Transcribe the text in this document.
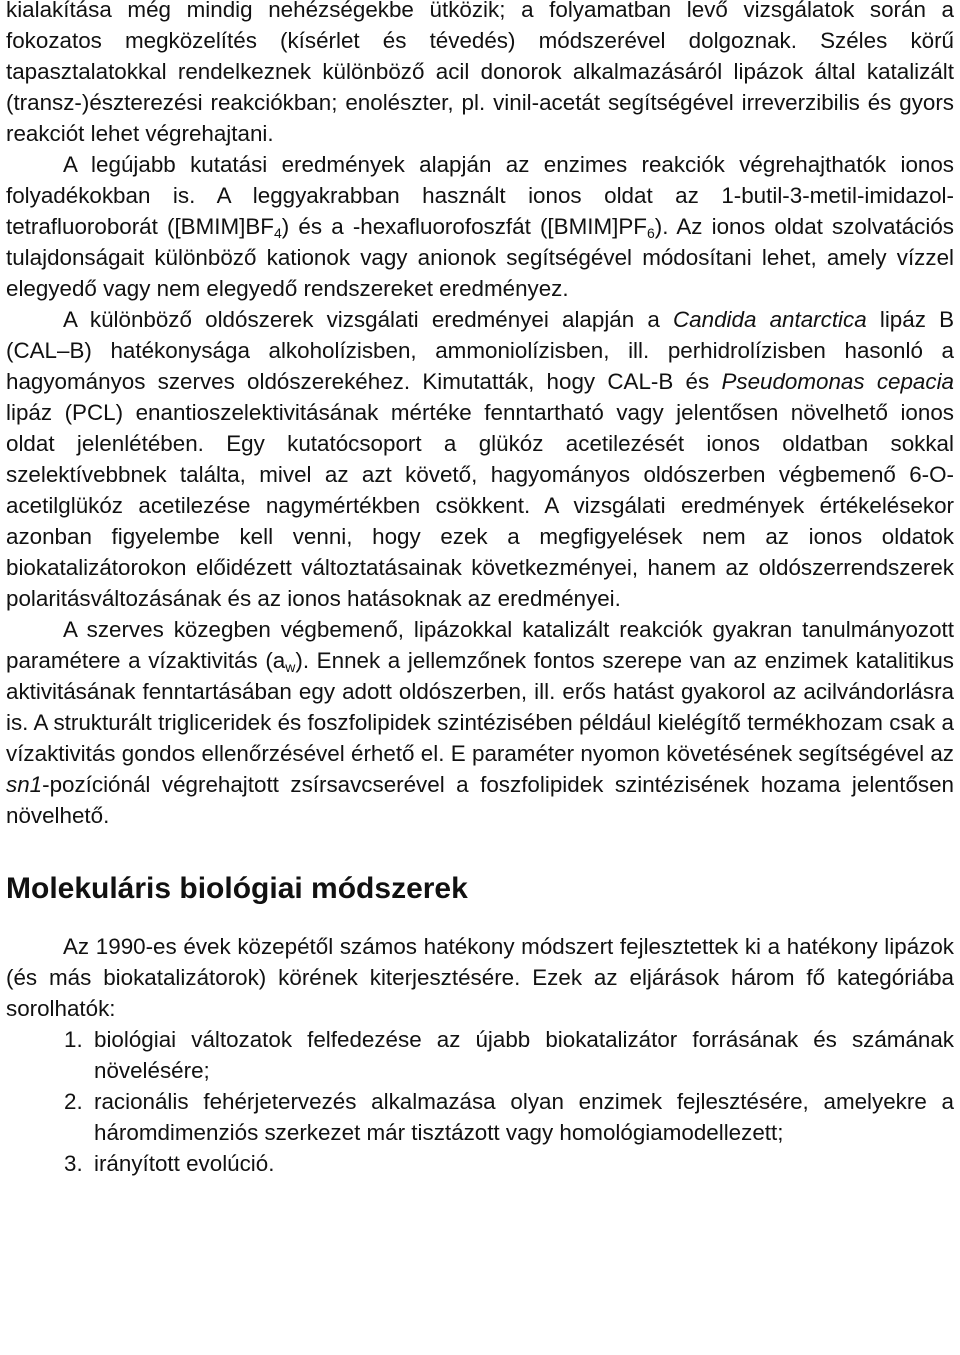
kialakítása még mindig nehézségekbe ütközik; a folyamatban levő vizsgálatok során a fokozatos megközelítés (kísérlet és tévedés) módszerével dolgoznak. Széles körű tapasztalatokkal rendelkeznek különböző acil donorok alkalmazásáról lipázok által katalizált (transz-)észterezési reakciókban; enolészter, pl. vinil-acetát segítségével irreverzibilis és gyors reakciót lehet végrehajtani.

A legújabb kutatási eredmények alapján az enzimes reakciók végrehajthatók ionos folyadékokban is. A leggyakrabban használt ionos oldat az 1-butil-3-metil-imidazol-tetrafluoroborát $([BMIM]BF_4)$ és a -hexafluorofoszfát $([BMIM]PF_6)$. Az ionos oldat szolvatációs tulajdonságait különböző kationok vagy anionok segítségével módosítani lehet, amely vízzel elegyedő vagy nem elegyedő rendszereket eredményez.

A különböző oldószerek vizsgálati eredményei alapján a Candida antarctica lipáz B (CAL–B) hatékonysága alkoholízisben, ammoniolízisben, ill. perhidrolízisben hasonló a hagyományos szerves oldószerekéhez. Kimutatták, hogy CAL-B és Pseudomonas cepacia lipáz (PCL) enantioszelektivitásának mértéke fenntartható vagy jelentősen növelhető ionos oldat jelenlétében. Egy kutatócsoport a glükóz acetilezését ionos oldatban sokkal szelektívebbnek találta, mivel az azt követő, hagyományos oldószerben végbemenő 6-O-acetilglükóz acetilezése nagymértékben csökkent. A vizsgálati eredmények értékelésekor azonban figyelembe kell venni, hogy ezek a megfigyelések nem az ionos oldatok biokatalizátorokon előidézett változtatásainak következményei, hanem az oldószerrendszerek polaritásváltozásának és az ionos hatásoknak az eredményei.

A szerves közegben végbemenő, lipázokkal katalizált reakciók gyakran tanulmányozott paramétere a vízaktivitás $(a_w)$. Ennek a jellemzőnek fontos szerepe van az enzimek katalitikus aktivitásának fenntartásában egy adott oldószerben, ill. erős hatást gyakorol az acilvándorlásra is. A strukturált trigliceridek és foszfolipidek szintézisében például kielégítő termékhozam csak a vízaktivitás gondos ellenőrzésével érhető el. E paraméter nyomon követésének segítségével az sn1-pozíciónál végrehajtott zsírsavcserével a foszfolipidek szintézisének hozama jelentősen növelhető.

Molekuláris biológiai módszerek

Az 1990-es évek közepétől számos hatékony módszert fejlesztettek ki a hatékony lipázok (és más biokatalizátorok) körének kiterjesztésére. Ezek az eljárások három fő kategóriába sorolhatók:

1. biológiai változatok felfedezése az újabb biokatalizátor forrásának és számának növelésére;
2. racionális fehérjetervezés alkalmazása olyan enzimek fejlesztésére, amelyekre a háromdimenziós szerkezet már tisztázott vagy homológiamodellezett;
3. irányított evolúció.
